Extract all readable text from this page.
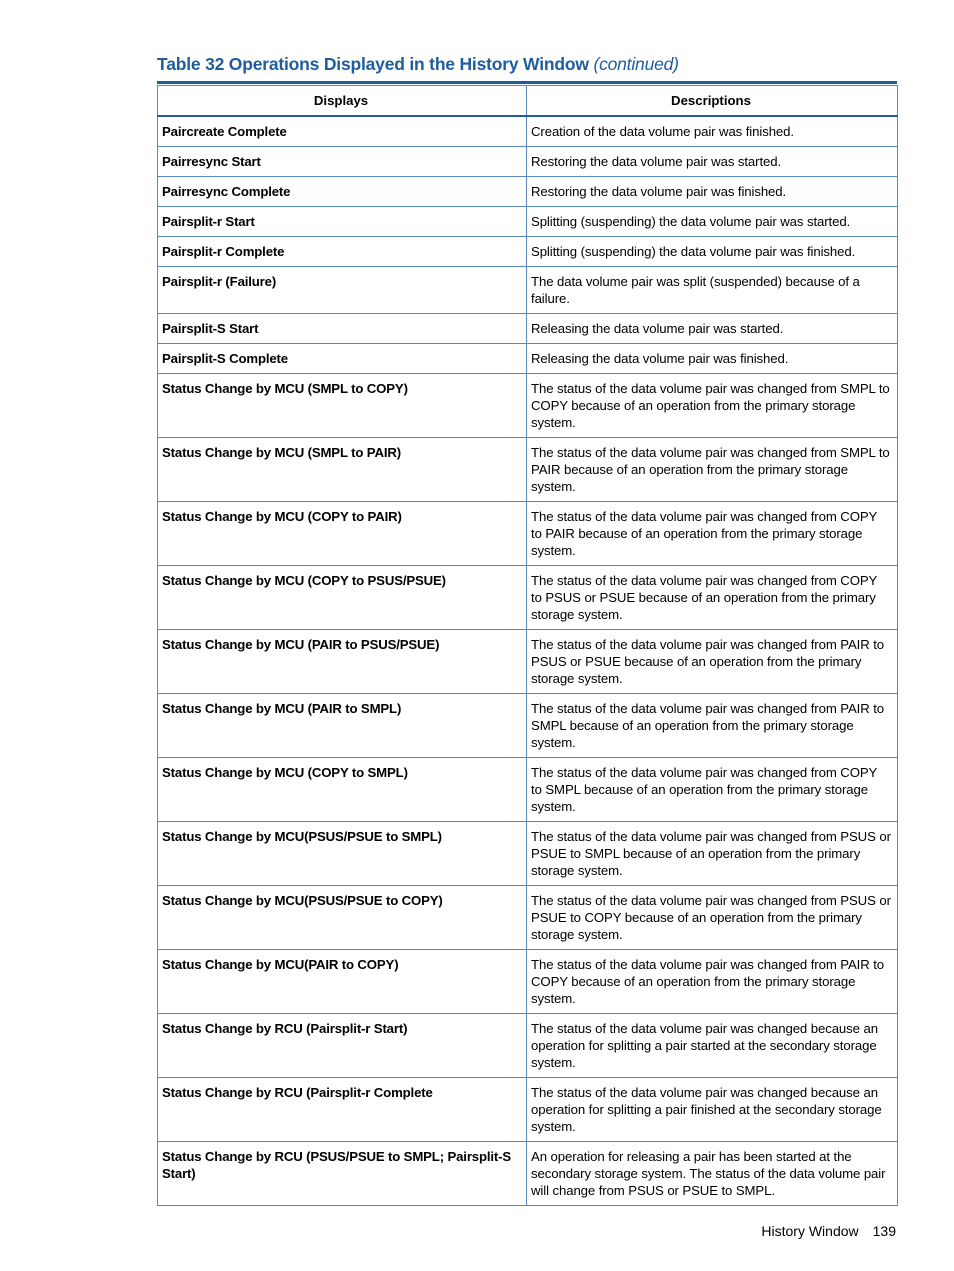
Table 32 Operations Displayed in the History Window (continued)
Displays	Descriptions
Paircreate Complete	Creation of the data volume pair was finished.
Pairresync Start	Restoring the data volume pair was started.
Pairresync Complete	Restoring the data volume pair was finished.
Pairsplit-r Start	Splitting (suspending) the data volume pair was started.
Pairsplit-r Complete	Splitting (suspending) the data volume pair was finished.
Pairsplit-r (Failure)	The data volume pair was split (suspended) because of a failure.
Pairsplit-S Start	Releasing the data volume pair was started.
Pairsplit-S Complete	Releasing the data volume pair was finished.
Status Change by MCU (SMPL to COPY)	The status of the data volume pair was changed from SMPL to COPY because of an operation from the primary storage system.
Status Change by MCU (SMPL to PAIR)	The status of the data volume pair was changed from SMPL to PAIR because of an operation from the primary storage system.
Status Change by MCU (COPY to PAIR)	The status of the data volume pair was changed from COPY to PAIR because of an operation from the primary storage system.
Status Change by MCU (COPY to PSUS/PSUE)	The status of the data volume pair was changed from COPY to PSUS or PSUE because of an operation from the primary storage system.
Status Change by MCU (PAIR to PSUS/PSUE)	The status of the data volume pair was changed from PAIR to PSUS or PSUE because of an operation from the primary storage system.
Status Change by MCU (PAIR to SMPL)	The status of the data volume pair was changed from PAIR to SMPL because of an operation from the primary storage system.
Status Change by MCU (COPY to SMPL)	The status of the data volume pair was changed from COPY to SMPL because of an operation from the primary storage system.
Status Change by MCU(PSUS/PSUE to SMPL)	The status of the data volume pair was changed from PSUS or PSUE to SMPL because of an operation from the primary storage system.
Status Change by MCU(PSUS/PSUE to COPY)	The status of the data volume pair was changed from PSUS or PSUE to COPY because of an operation from the primary storage system.
Status Change by MCU(PAIR to COPY)	The status of the data volume pair was changed from PAIR to COPY because of an operation from the primary storage system.
Status Change by RCU (Pairsplit-r Start)	The status of the data volume pair was changed because an operation for splitting a pair started at the secondary storage system.
Status Change by RCU (Pairsplit-r Complete	The status of the data volume pair was changed because an operation for splitting a pair finished at the secondary storage system.
Status Change by RCU (PSUS/PSUE to SMPL; Pairsplit-S Start)	An operation for releasing a pair has been started at the secondary storage system. The status of the data volume pair will change from PSUS or PSUE to SMPL.
History Window 139
